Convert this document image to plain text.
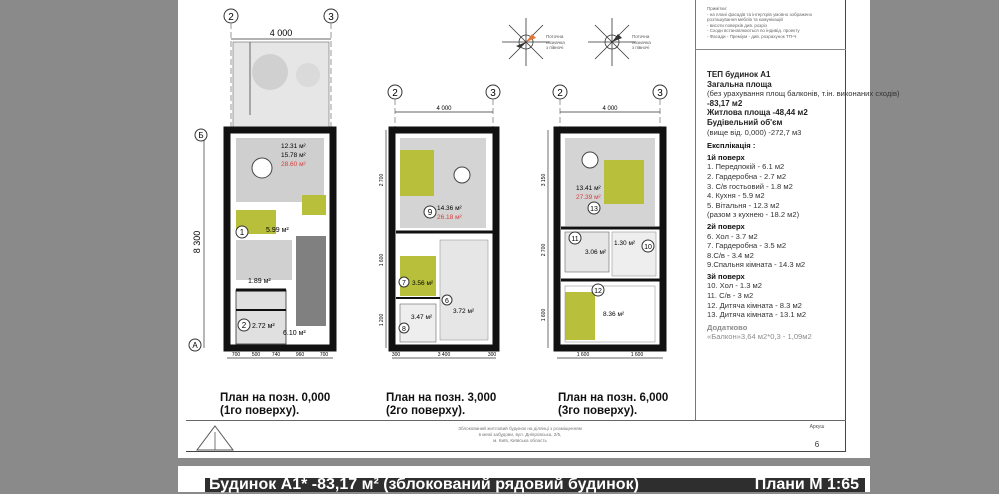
Примітки:
- на плані фасадів та інтер'єрів умовно зображено
розташування меблів та комунікацій
- висоти поверхів див. розріз
- Сходи встановлюються по індивід. проекту
- Фасади - Преміум - див. розрахунок ТП-Ч
Поточна
позначка
з півночі
Поточна
позначка
з півночі
2	3
4 000
1	5.99 м²
2 2.72 м²
1.89 м²
6.10 м²
12.31 м²
15.78 м²
28.60 м²
8 300
Б
А
700 500 740	960	700
2	3
4 000
9 14.36 м²
26.18 м²
7 3.56 м²
6
3.72 м²
8
3.47 м²
2 700
1 600
1 200
300	3 400	300
2	3
4 000
13.41 м²
27.39 м²
13
11
3.06 м²
10
1.30 м²
12
8.36 м²
3 150
2 700
1 600
1 600	1 600
План на позн. 0,000
(1го поверху).
План на позн. 3,000
(2го поверху).
План на позн. 6,000
(3го поверху).
ТЕП будинок А1
Загальна площа
(без урахування площ балконів, т.ін. виконаних сходів)
-83,17 м2
Житлова площа -48,44 м2
Будівельний об'єм
(вище від. 0,000) -272,7 м3
Експлікація :
1й поверх
1. Передпокій - 6.1 м2
2. Гардеробна - 2.7 м2
3. С/в гостьовий - 1.8 м2
4. Кухня - 5.9 м2
5. Вітальня - 12.3 м2
(разом з кухнею - 18.2 м2)
2й поверх
6. Хол - 3.7 м2
7. Гардеробна - 3.5 м2
8.С/в - 3.4 м2
9.Спальня кімната - 14.3 м2
3й поверх
10. Хол - 1.3 м2
11. С/в - 3 м2
12. Дитяча кімната - 8.3 м2
13. Дитяча кімната - 13.1 м2
Додатково
«Балкон»3,64 м2*0,3 - 1,09м2
Зблокований житловий будинок на ділянці з розміщенням
в межі забудови, вул. Дніпровська, 2/5,
м. Київ, Київська область
Аркуш
6
Будинок А1* -83,17 м² (зблокований рядовий будинок)	Плани М 1:65
